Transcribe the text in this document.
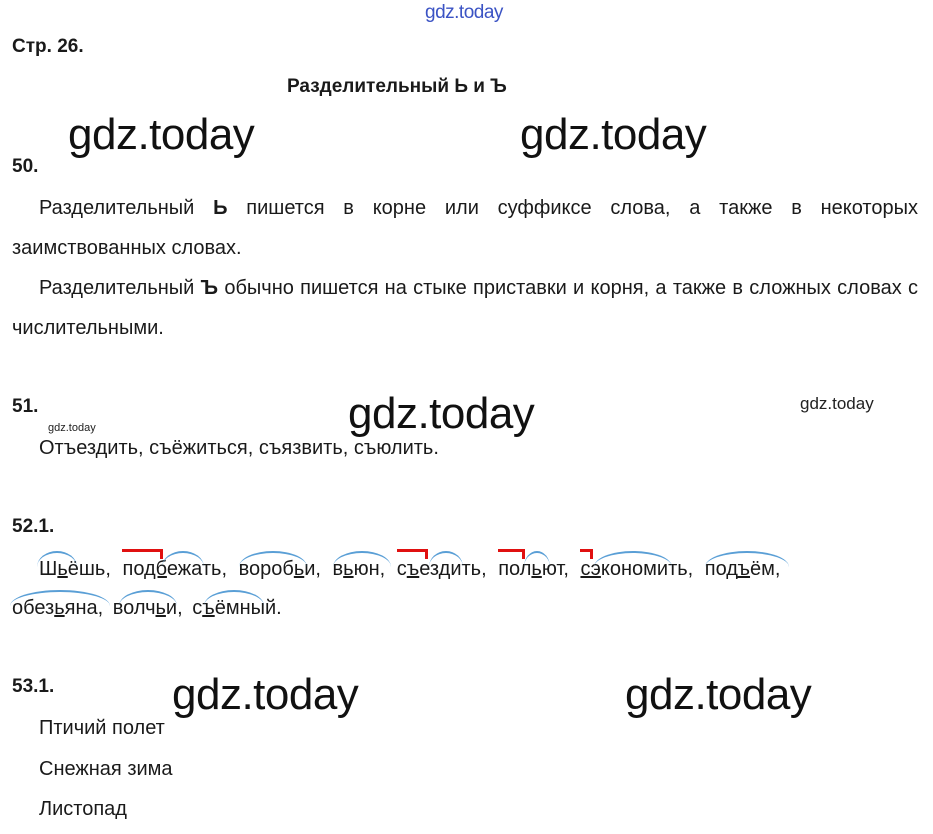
gdz.today
gdz.today	gdz.today
gdz.today	gdz.today
gdz.today
gdz.today	gdz.today
Стр. 26.
Разделительный Ь и Ъ
50.
Разделительный Ь пишется в корне или суффиксе слова, а также в некоторых заимствованных словах.
Разделительный Ъ обычно пишется на стыке приставки и корня, а также в сложных словах с числительными.
51.
Отъездить, съёжиться, съязвить, съюлить.
52.1.
Шьёшь, подбежать, воробьи, вьюн, съездить, польют, сэкономить, подъём,
обезьяна, волчьи, съёмный.
53.1.
Птичий полет
Снежная зима
Листопад
